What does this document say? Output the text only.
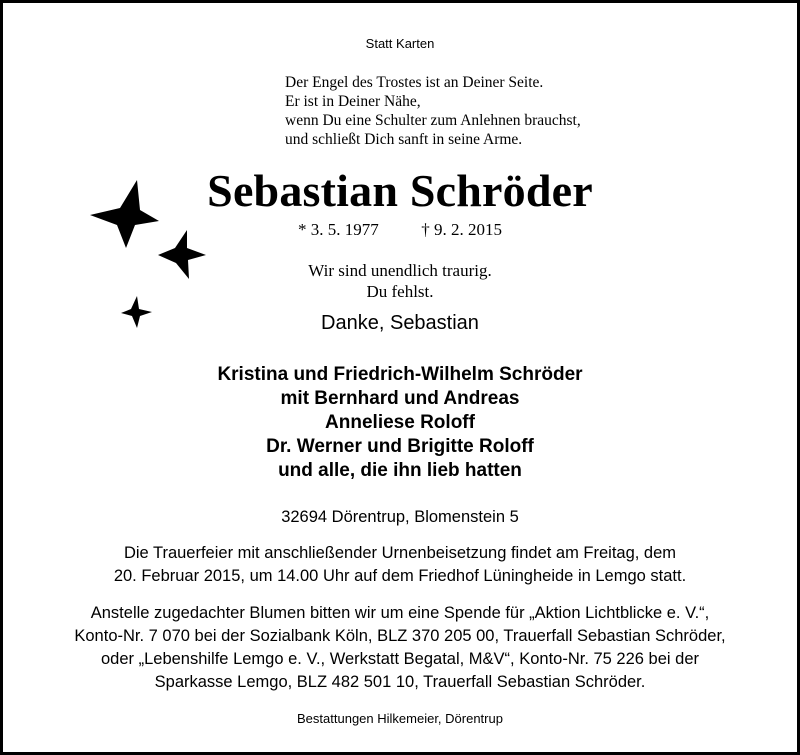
Statt Karten
Der Engel des Trostes ist an Deiner Seite.
Er ist in Deiner Nähe,
wenn Du eine Schulter zum Anlehnen brauchst,
und schließt Dich sanft in seine Arme.
Sebastian Schröder
* 3. 5. 1977	† 9. 2. 2015
Wir sind unendlich traurig.
Du fehlst.
Danke, Sebastian
Kristina und Friedrich-Wilhelm Schröder
mit Bernhard und Andreas
Anneliese Roloff
Dr. Werner und Brigitte Roloff
und alle, die ihn lieb hatten
32694 Dörentrup, Blomenstein 5
Die Trauerfeier mit anschließender Urnenbeisetzung findet am Freitag, dem
20. Februar 2015, um 14.00 Uhr auf dem Friedhof Lüningheide in Lemgo statt.
Anstelle zugedachter Blumen bitten wir um eine Spende für „Aktion Lichtblicke e. V.“,
Konto-Nr. 7 070 bei der Sozialbank Köln, BLZ 370 205 00, Trauerfall Sebastian Schröder,
oder „Lebenshilfe Lemgo e. V., Werkstatt Begatal, M&V“, Konto-Nr. 75 226 bei der
Sparkasse Lemgo, BLZ 482 501 10, Trauerfall Sebastian Schröder.
Bestattungen Hilkemeier, Dörentrup
